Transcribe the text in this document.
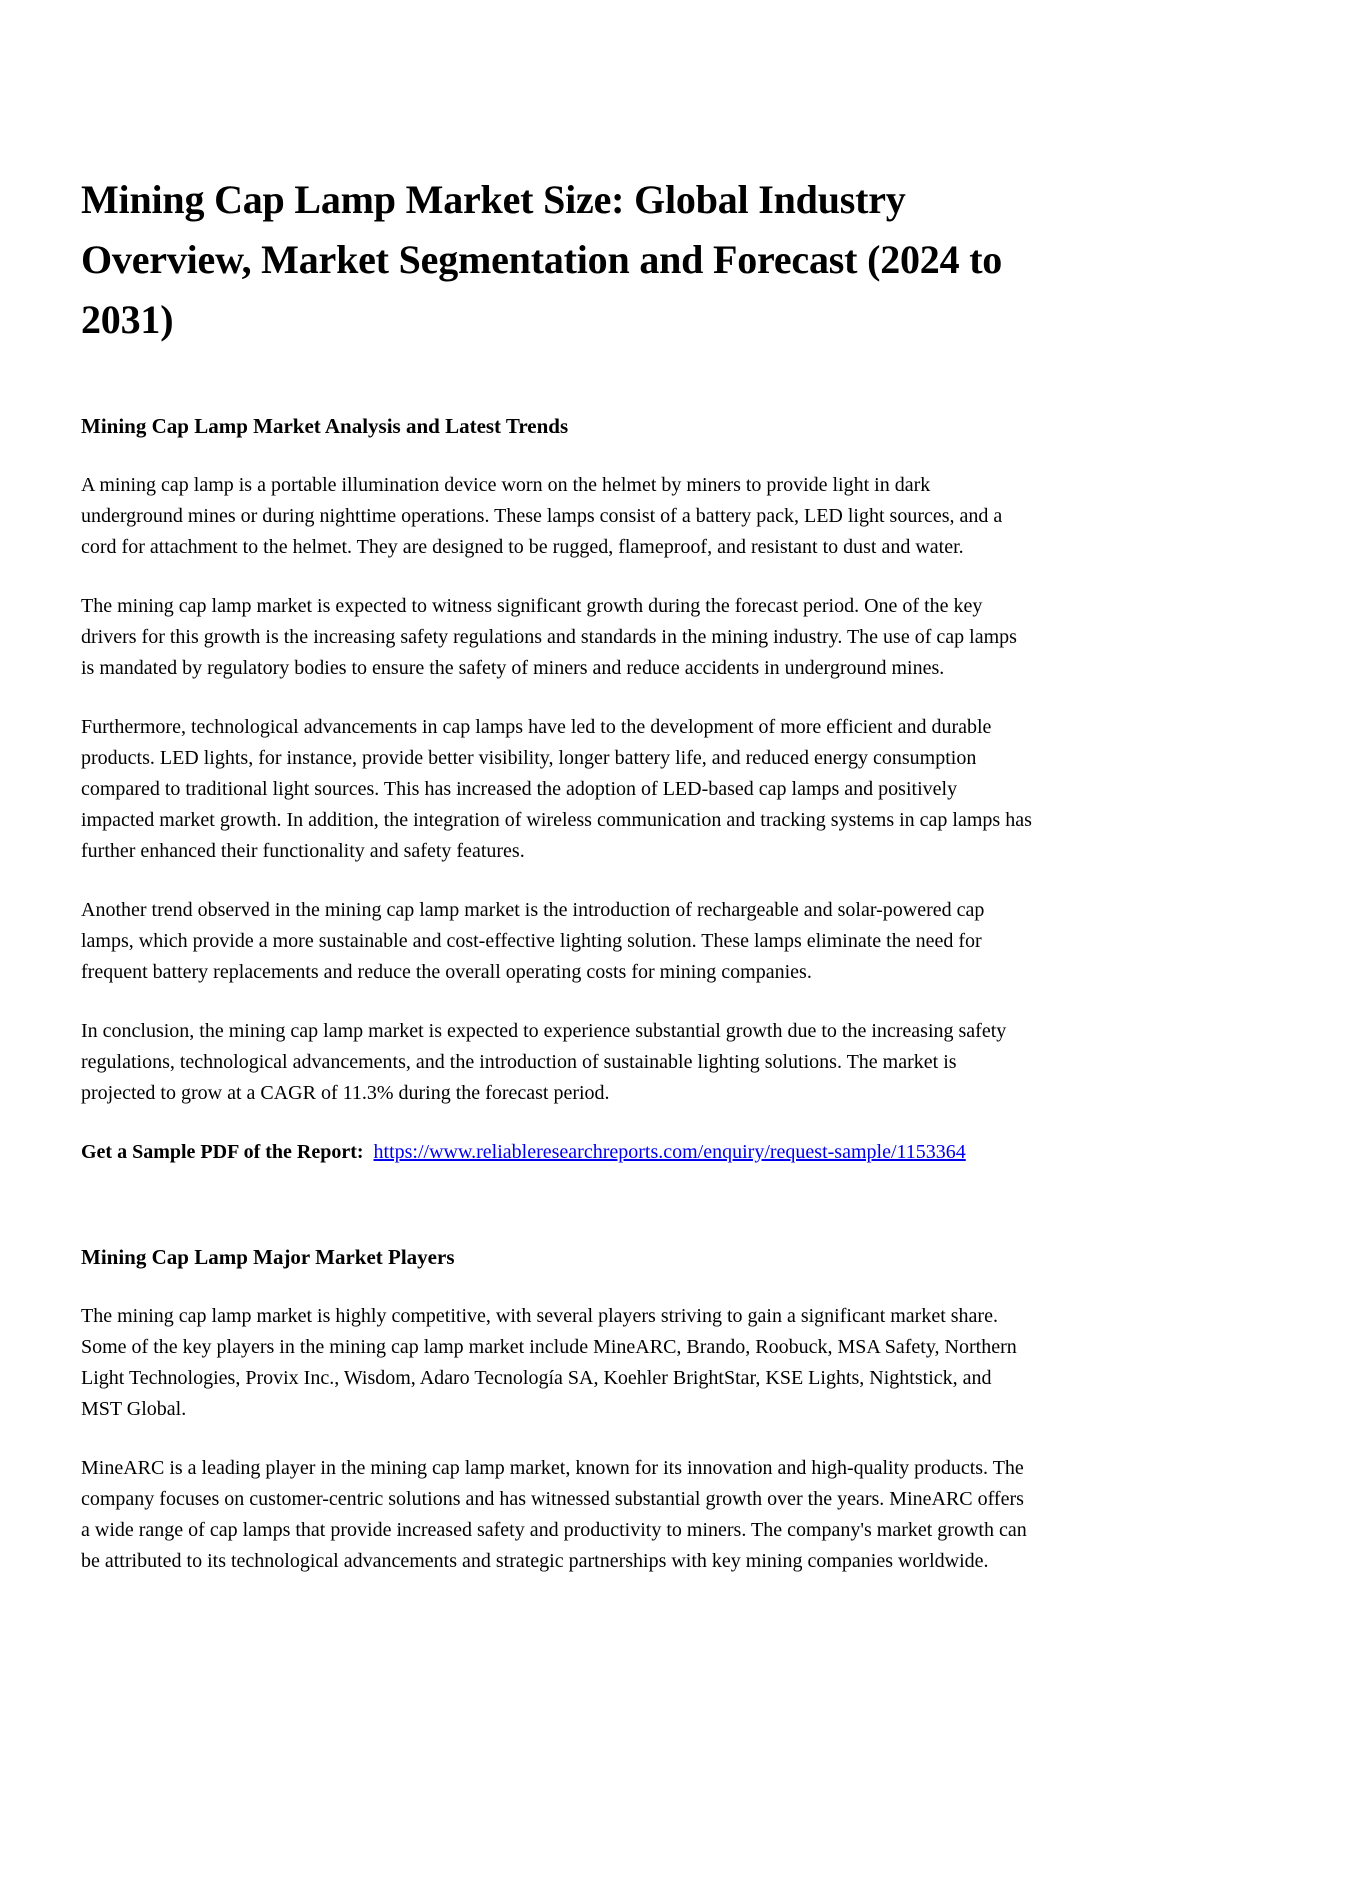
Mining Cap Lamp Market Size: Global Industry Overview, Market Segmentation and Forecast (2024 to 2031)
Mining Cap Lamp Market Analysis and Latest Trends

A mining cap lamp is a portable illumination device worn on the helmet by miners to provide light in dark underground mines or during nighttime operations. These lamps consist of a battery pack, LED light sources, and a cord for attachment to the helmet. They are designed to be rugged, flameproof, and resistant to dust and water.

The mining cap lamp market is expected to witness significant growth during the forecast period. One of the key drivers for this growth is the increasing safety regulations and standards in the mining industry. The use of cap lamps is mandated by regulatory bodies to ensure the safety of miners and reduce accidents in underground mines.

Furthermore, technological advancements in cap lamps have led to the development of more efficient and durable products. LED lights, for instance, provide better visibility, longer battery life, and reduced energy consumption compared to traditional light sources. This has increased the adoption of LED-based cap lamps and positively impacted market growth. In addition, the integration of wireless communication and tracking systems in cap lamps has further enhanced their functionality and safety features.

Another trend observed in the mining cap lamp market is the introduction of rechargeable and solar-powered cap lamps, which provide a more sustainable and cost-effective lighting solution. These lamps eliminate the need for frequent battery replacements and reduce the overall operating costs for mining companies.

In conclusion, the mining cap lamp market is expected to experience substantial growth due to the increasing safety regulations, technological advancements, and the introduction of sustainable lighting solutions. The market is projected to grow at a CAGR of 11.3% during the forecast period.

Get a Sample PDF of the Report: https://www.reliableresearchreports.com/enquiry/request-sample/1153364

Mining Cap Lamp Major Market Players

The mining cap lamp market is highly competitive, with several players striving to gain a significant market share. Some of the key players in the mining cap lamp market include MineARC, Brando, Roobuck, MSA Safety, Northern Light Technologies, Provix Inc., Wisdom, Adaro Tecnología SA, Koehler BrightStar, KSE Lights, Nightstick, and MST Global.

MineARC is a leading player in the mining cap lamp market, known for its innovation and high-quality products. The company focuses on customer-centric solutions and has witnessed substantial growth over the years. MineARC offers a wide range of cap lamps that provide increased safety and productivity to miners. The company's market growth can be attributed to its technological advancements and strategic partnerships with key mining companies worldwide.
